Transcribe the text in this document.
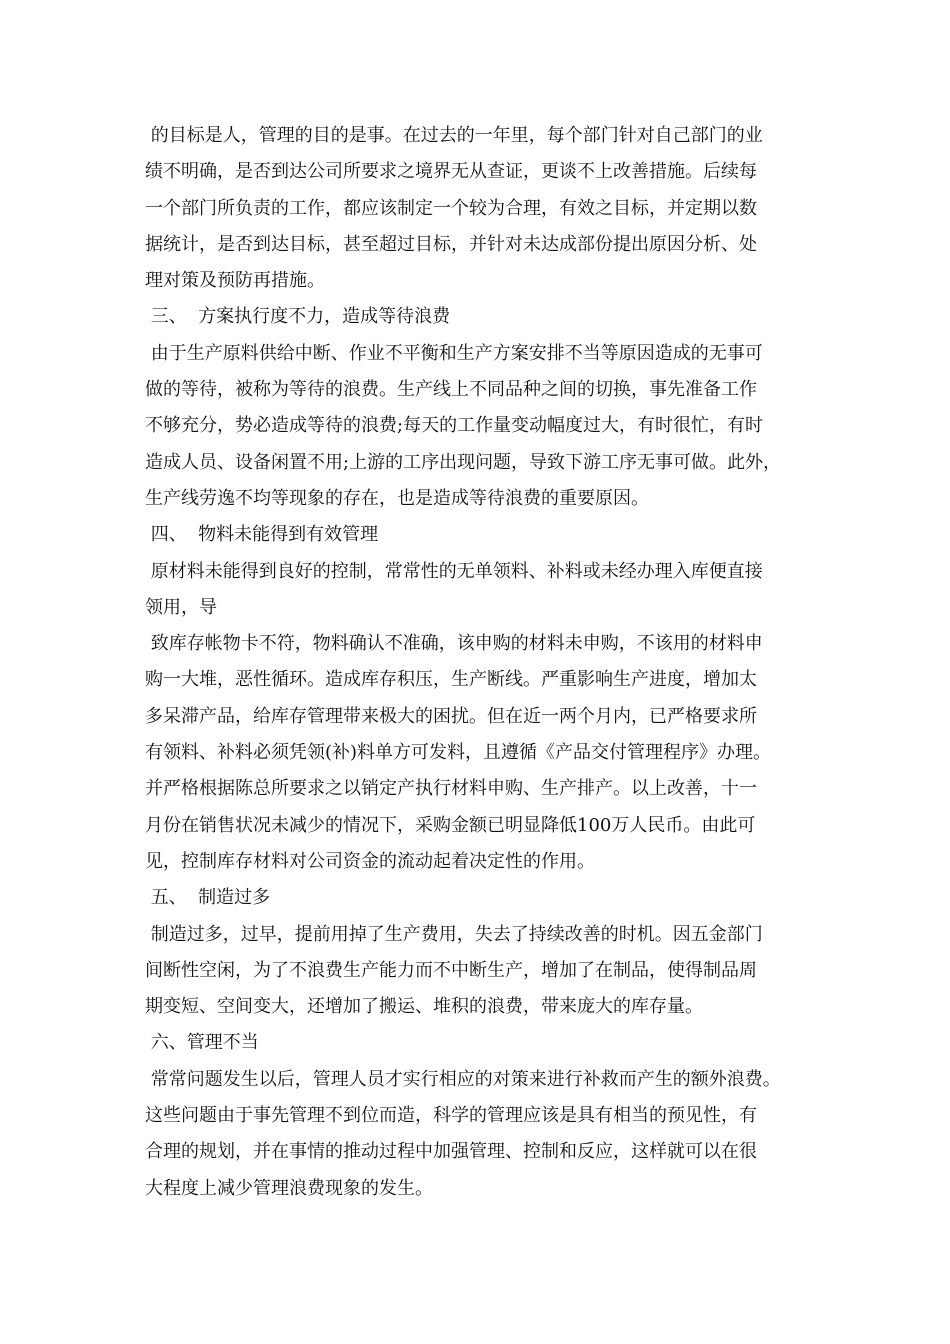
的目标是人，管理的目的是事。在过去的一年里，每个部门针对自己部门的业
绩不明确，是否到达公司所要求之境界无从查证，更谈不上改善措施。后续每
一个部门所负责的工作，都应该制定一个较为合理，有效之目标，并定期以数
据统计，是否到达目标，甚至超过目标，并针对未达成部份提出原因分析、处
理对策及预防再措施。
三、  方案执行度不力，造成等待浪费
由于生产原料供给中断、作业不平衡和生产方案安排不当等原因造成的无事可
做的等待，被称为等待的浪费。生产线上不同品种之间的切换，事先准备工作
不够充分，势必造成等待的浪费;每天的工作量变动幅度过大，有时很忙，有时
造成人员、设备闲置不用;上游的工序出现问题，导致下游工序无事可做。此外，
生产线劳逸不均等现象的存在，也是造成等待浪费的重要原因。
四、  物料未能得到有效管理
原材料未能得到良好的控制，常常性的无单领料、补料或未经办理入库便直接
领用，导
致库存帐物卡不符，物料确认不准确，该申购的材料未申购，不该用的材料申
购一大堆，恶性循环。造成库存积压，生产断线。严重影响生产进度，增加太
多呆滞产品，给库存管理带来极大的困扰。但在近一两个月内，已严格要求所
有领料、补料必须凭领(补)料单方可发料，且遵循《产品交付管理程序》办理。
并严格根据陈总所要求之以销定产执行材料申购、生产排产。以上改善，十一
月份在销售状况未减少的情况下，采购金额已明显降低100万人民币。由此可
见，控制库存材料对公司资金的流动起着决定性的作用。
五、  制造过多
制造过多，过早，提前用掉了生产费用，失去了持续改善的时机。因五金部门
间断性空闲，为了不浪费生产能力而不中断生产，增加了在制品，使得制品周
期变短、空间变大，还增加了搬运、堆积的浪费，带来庞大的库存量。
六、管理不当
常常问题发生以后，管理人员才实行相应的对策来进行补救而产生的额外浪费。
这些问题由于事先管理不到位而造，科学的管理应该是具有相当的预见性，有
合理的规划，并在事情的推动过程中加强管理、控制和反应，这样就可以在很
大程度上减少管理浪费现象的发生。
